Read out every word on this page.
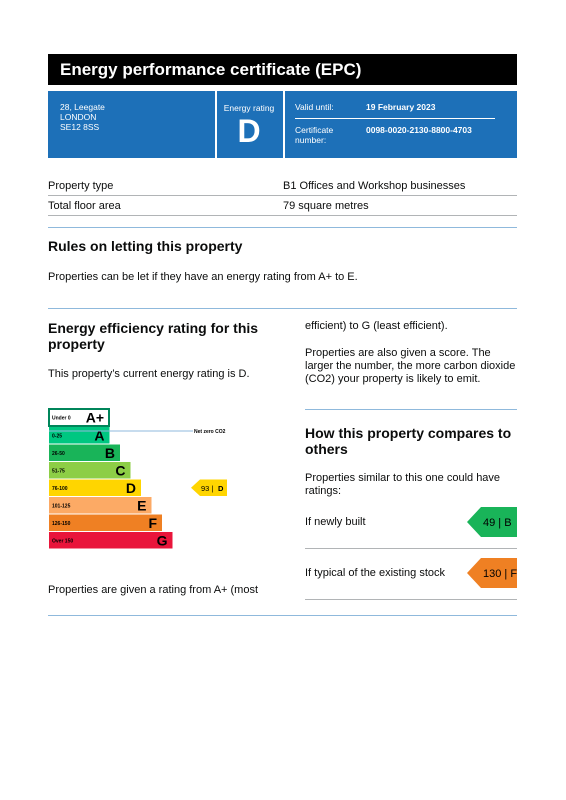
Energy performance certificate (EPC)
28, Leegate
LONDON
SE12 8SS
Energy rating
D
Valid until:	19 February 2023
Certificate number:
0098-0020-2130-8800-4703
Property type	B1 Offices and Workshop businesses
Total floor area	79 square metres
Rules on letting this property
Properties can be let if they have an energy rating from A+ to E.
Energy efficiency rating for this property
This property’s current energy rating is D.
Under 0 A+
0-25 A
26-50	B
51-75	C
76-100	D
101-125	E
126-150	F
Over 150	G
Net zero CO2
93 | D
Properties are given a rating from A+ (most
efficient) to G (least efficient).
Properties are also given a score. The larger the number, the more carbon dioxide (CO2) your property is likely to emit.
How this property compares to others
Properties similar to this one could have ratings:
If newly built	49 | B
If typical of the existing stock	130 | F
